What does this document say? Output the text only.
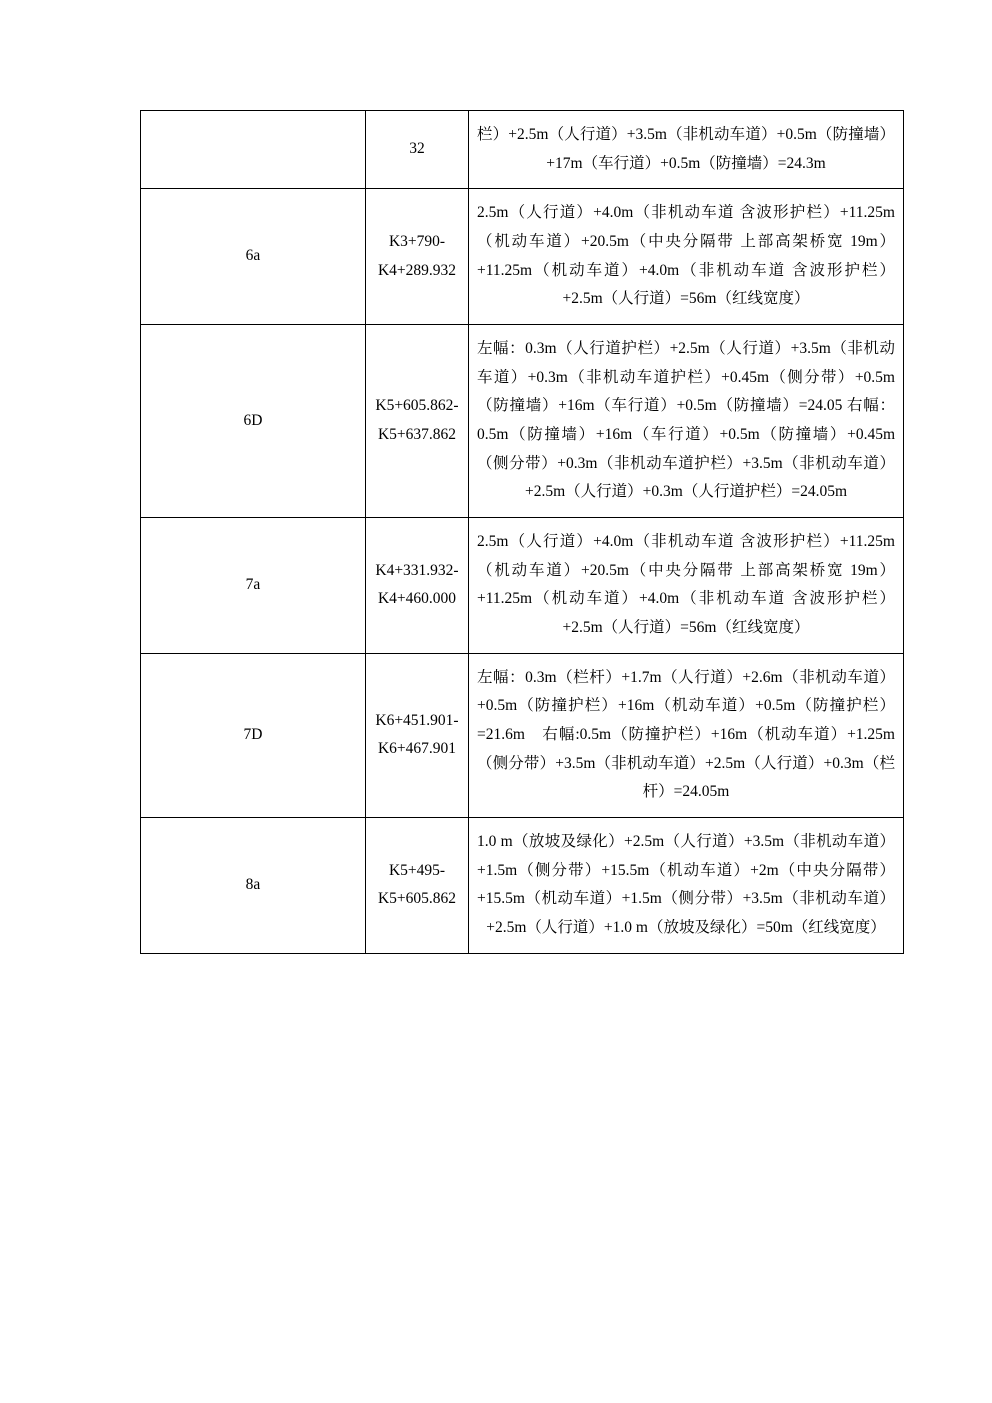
	32	栏）+2.5m（人行道）+3.5m（非机动车道）+0.5m（防撞墙）+17m（车行道）+0.5m（防撞墙）=24.3m

6a	K3+790-K4+289.932	2.5m（人行道）+4.0m（非机动车道 含波形护栏）+11.25m（机动车道）+20.5m（中央分隔带 上部高架桥宽 19m）+11.25m（机动车道）+4.0m（非机动车道 含波形护栏）+2.5m（人行道）=56m（红线宽度）

6D	K5+605.862-K5+637.862	左幅：0.3m（人行道护栏）+2.5m（人行道）+3.5m（非机动车道）+0.3m（非机动车道护栏）+0.45m（侧分带）+0.5m（防撞墙）+16m（车行道）+0.5m（防撞墙）=24.05 右幅：0.5m（防撞墙）+16m（车行道）+0.5m（防撞墙）+0.45m（侧分带）+0.3m（非机动车道护栏）+3.5m（非机动车道）+2.5m（人行道）+0.3m（人行道护栏）=24.05m

7a	K4+331.932-K4+460.000	2.5m（人行道）+4.0m（非机动车道 含波形护栏）+11.25m（机动车道）+20.5m（中央分隔带 上部高架桥宽 19m）+11.25m（机动车道）+4.0m（非机动车道 含波形护栏）+2.5m（人行道）=56m（红线宽度）

7D	K6+451.901-K6+467.901	左幅：0.3m（栏杆）+1.7m（人行道）+2.6m（非机动车道）+0.5m（防撞护栏）+16m（机动车道）+0.5m（防撞护栏）=21.6m　右幅:0.5m（防撞护栏）+16m（机动车道）+1.25m（侧分带）+3.5m（非机动车道）+2.5m（人行道）+0.3m（栏杆）=24.05m

8a	K5+495-K5+605.862	1.0 m（放坡及绿化）+2.5m（人行道）+3.5m（非机动车道）+1.5m（侧分带）+15.5m（机动车道）+2m（中央分隔带）+15.5m（机动车道）+1.5m（侧分带）+3.5m（非机动车道）+2.5m（人行道）+1.0 m（放坡及绿化）=50m（红线宽度）
